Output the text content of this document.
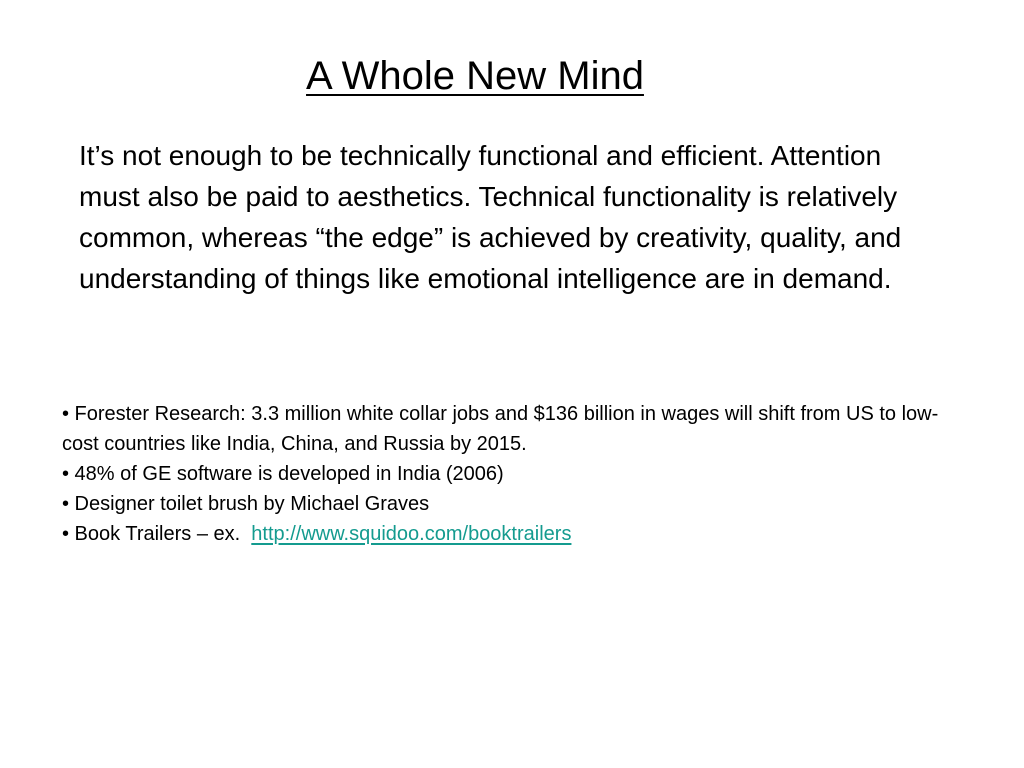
A Whole New Mind
It’s not enough to be technically functional and efficient. Attention must also be paid to aesthetics. Technical functionality is relatively common, whereas “the edge” is achieved by creativity, quality, and understanding of things like emotional intelligence are in demand.
• Forester Research: 3.3 million white collar jobs and $136 billion in wages will shift from US to low-cost countries like India, China, and Russia by 2015.
• 48% of GE software is developed in India (2006)
• Designer toilet brush by Michael Graves
• Book Trailers – ex.  http://www.squidoo.com/booktrailers
